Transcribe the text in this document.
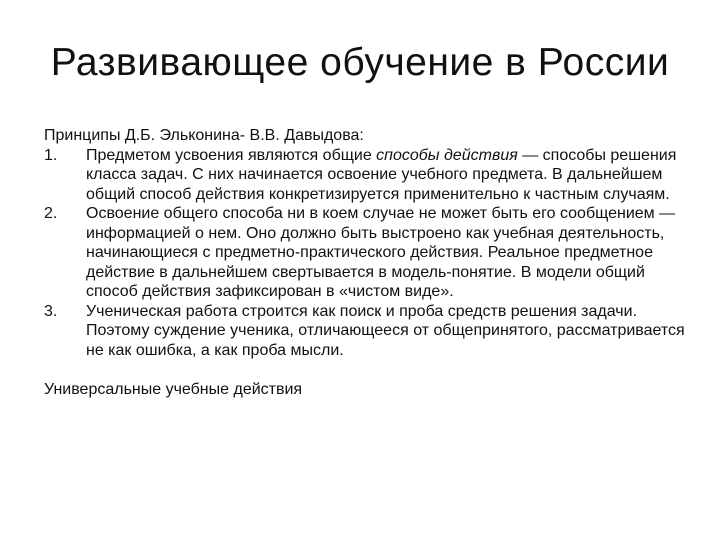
Развивающее обучение в России

Принципы Д.Б. Эльконина- В.В. Давыдова:

1. Предметом усвоения являются общие способы действия — способы решения класса задач. С них начинается освоение учебного предмета. В дальнейшем общий способ действия конкретизируется применительно к частным случаям.
2. Освоение общего способа ни в коем случае не может быть его сообщением — информацией о нем. Оно должно быть выстроено как учебная деятельность, начинающиеся с предметно-практического действия. Реальное предметное действие в дальнейшем свертывается в модель-понятие. В модели общий способ действия зафиксирован в «чистом виде».
3. Ученическая работа строится как поиск и проба средств решения задачи. Поэтому суждение ученика, отличающееся от общепринятого, рассматривается не как ошибка, а как проба мысли.

Универсальные учебные действия
